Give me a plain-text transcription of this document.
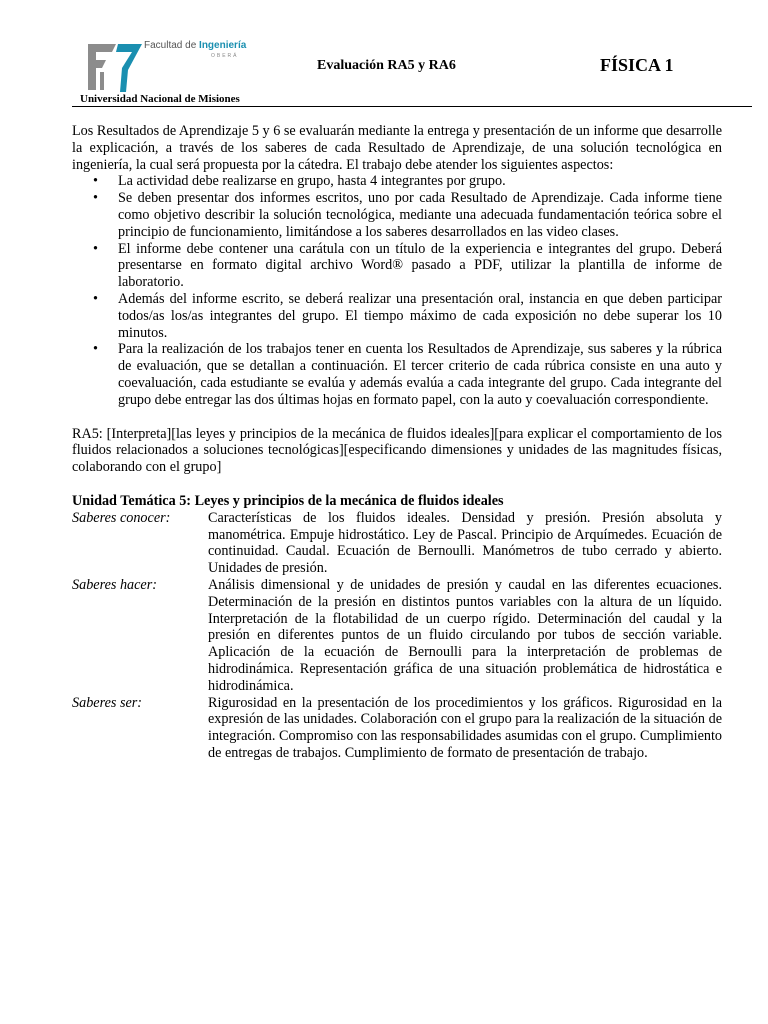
Facultad de Ingeniería
OBERÁ
Universidad Nacional de Misiones
Evaluación RA5 y RA6	FÍSICA 1

Los Resultados de Aprendizaje 5 y 6 se evaluarán mediante la entrega y presentación de un informe que desarrolle la explicación, a través de los saberes de cada Resultado de Aprendizaje, de una solución tecnológica en ingeniería, la cual será propuesta por la cátedra. El trabajo debe atender los siguientes aspectos:

• La actividad debe realizarse en grupo, hasta 4 integrantes por grupo.
• Se deben presentar dos informes escritos, uno por cada Resultado de Aprendizaje. Cada informe tiene como objetivo describir la solución tecnológica, mediante una adecuada fundamentación teórica sobre el principio de funcionamiento, limitándose a los saberes desarrollados en las video clases.
• El informe debe contener una carátula con un título de la experiencia e integrantes del grupo. Deberá presentarse en formato digital archivo Word® pasado a PDF, utilizar la plantilla de informe de laboratorio.
• Además del informe escrito, se deberá realizar una presentación oral, instancia en que deben participar todos/as los/as integrantes del grupo. El tiempo máximo de cada exposición no debe superar los 10 minutos.
• Para la realización de los trabajos tener en cuenta los Resultados de Aprendizaje, sus saberes y la rúbrica de evaluación, que se detallan a continuación. El tercer criterio de cada rúbrica consiste en una auto y coevaluación, cada estudiante se evalúa y además evalúa a cada integrante del grupo. Cada integrante del grupo debe entregar las dos últimas hojas en formato papel, con la auto y coevaluación correspondiente.

RA5: [Interpreta][las leyes y principios de la mecánica de fluidos ideales][para explicar el comportamiento de los fluidos relacionados a soluciones tecnológicas][especificando dimensiones y unidades de las magnitudes físicas, colaborando con el grupo]

Unidad Temática 5: Leyes y principios de la mecánica de fluidos ideales
Saberes conocer:	Características de los fluidos ideales. Densidad y presión. Presión absoluta y manométrica. Empuje hidrostático. Ley de Pascal. Principio de Arquímedes. Ecuación de continuidad. Caudal. Ecuación de Bernoulli. Manómetros de tubo cerrado y abierto. Unidades de presión.
Saberes hacer:	Análisis dimensional y de unidades de presión y caudal en las diferentes ecuaciones. Determinación de la presión en distintos puntos variables con la altura de un líquido. Interpretación de la flotabilidad de un cuerpo rígido. Determinación del caudal y la presión en diferentes puntos de un fluido circulando por tubos de sección variable. Aplicación de la ecuación de Bernoulli para la interpretación de problemas de hidrodinámica. Representación gráfica de una situación problemática de hidrostática e hidrodinámica.
Saberes ser:	Rigurosidad en la presentación de los procedimientos y los gráficos. Rigurosidad en la expresión de las unidades. Colaboración con el grupo para la realización de la situación de integración. Compromiso con las responsabilidades asumidas con el grupo. Cumplimiento de entregas de trabajos. Cumplimiento de formato de presentación de trabajo.
